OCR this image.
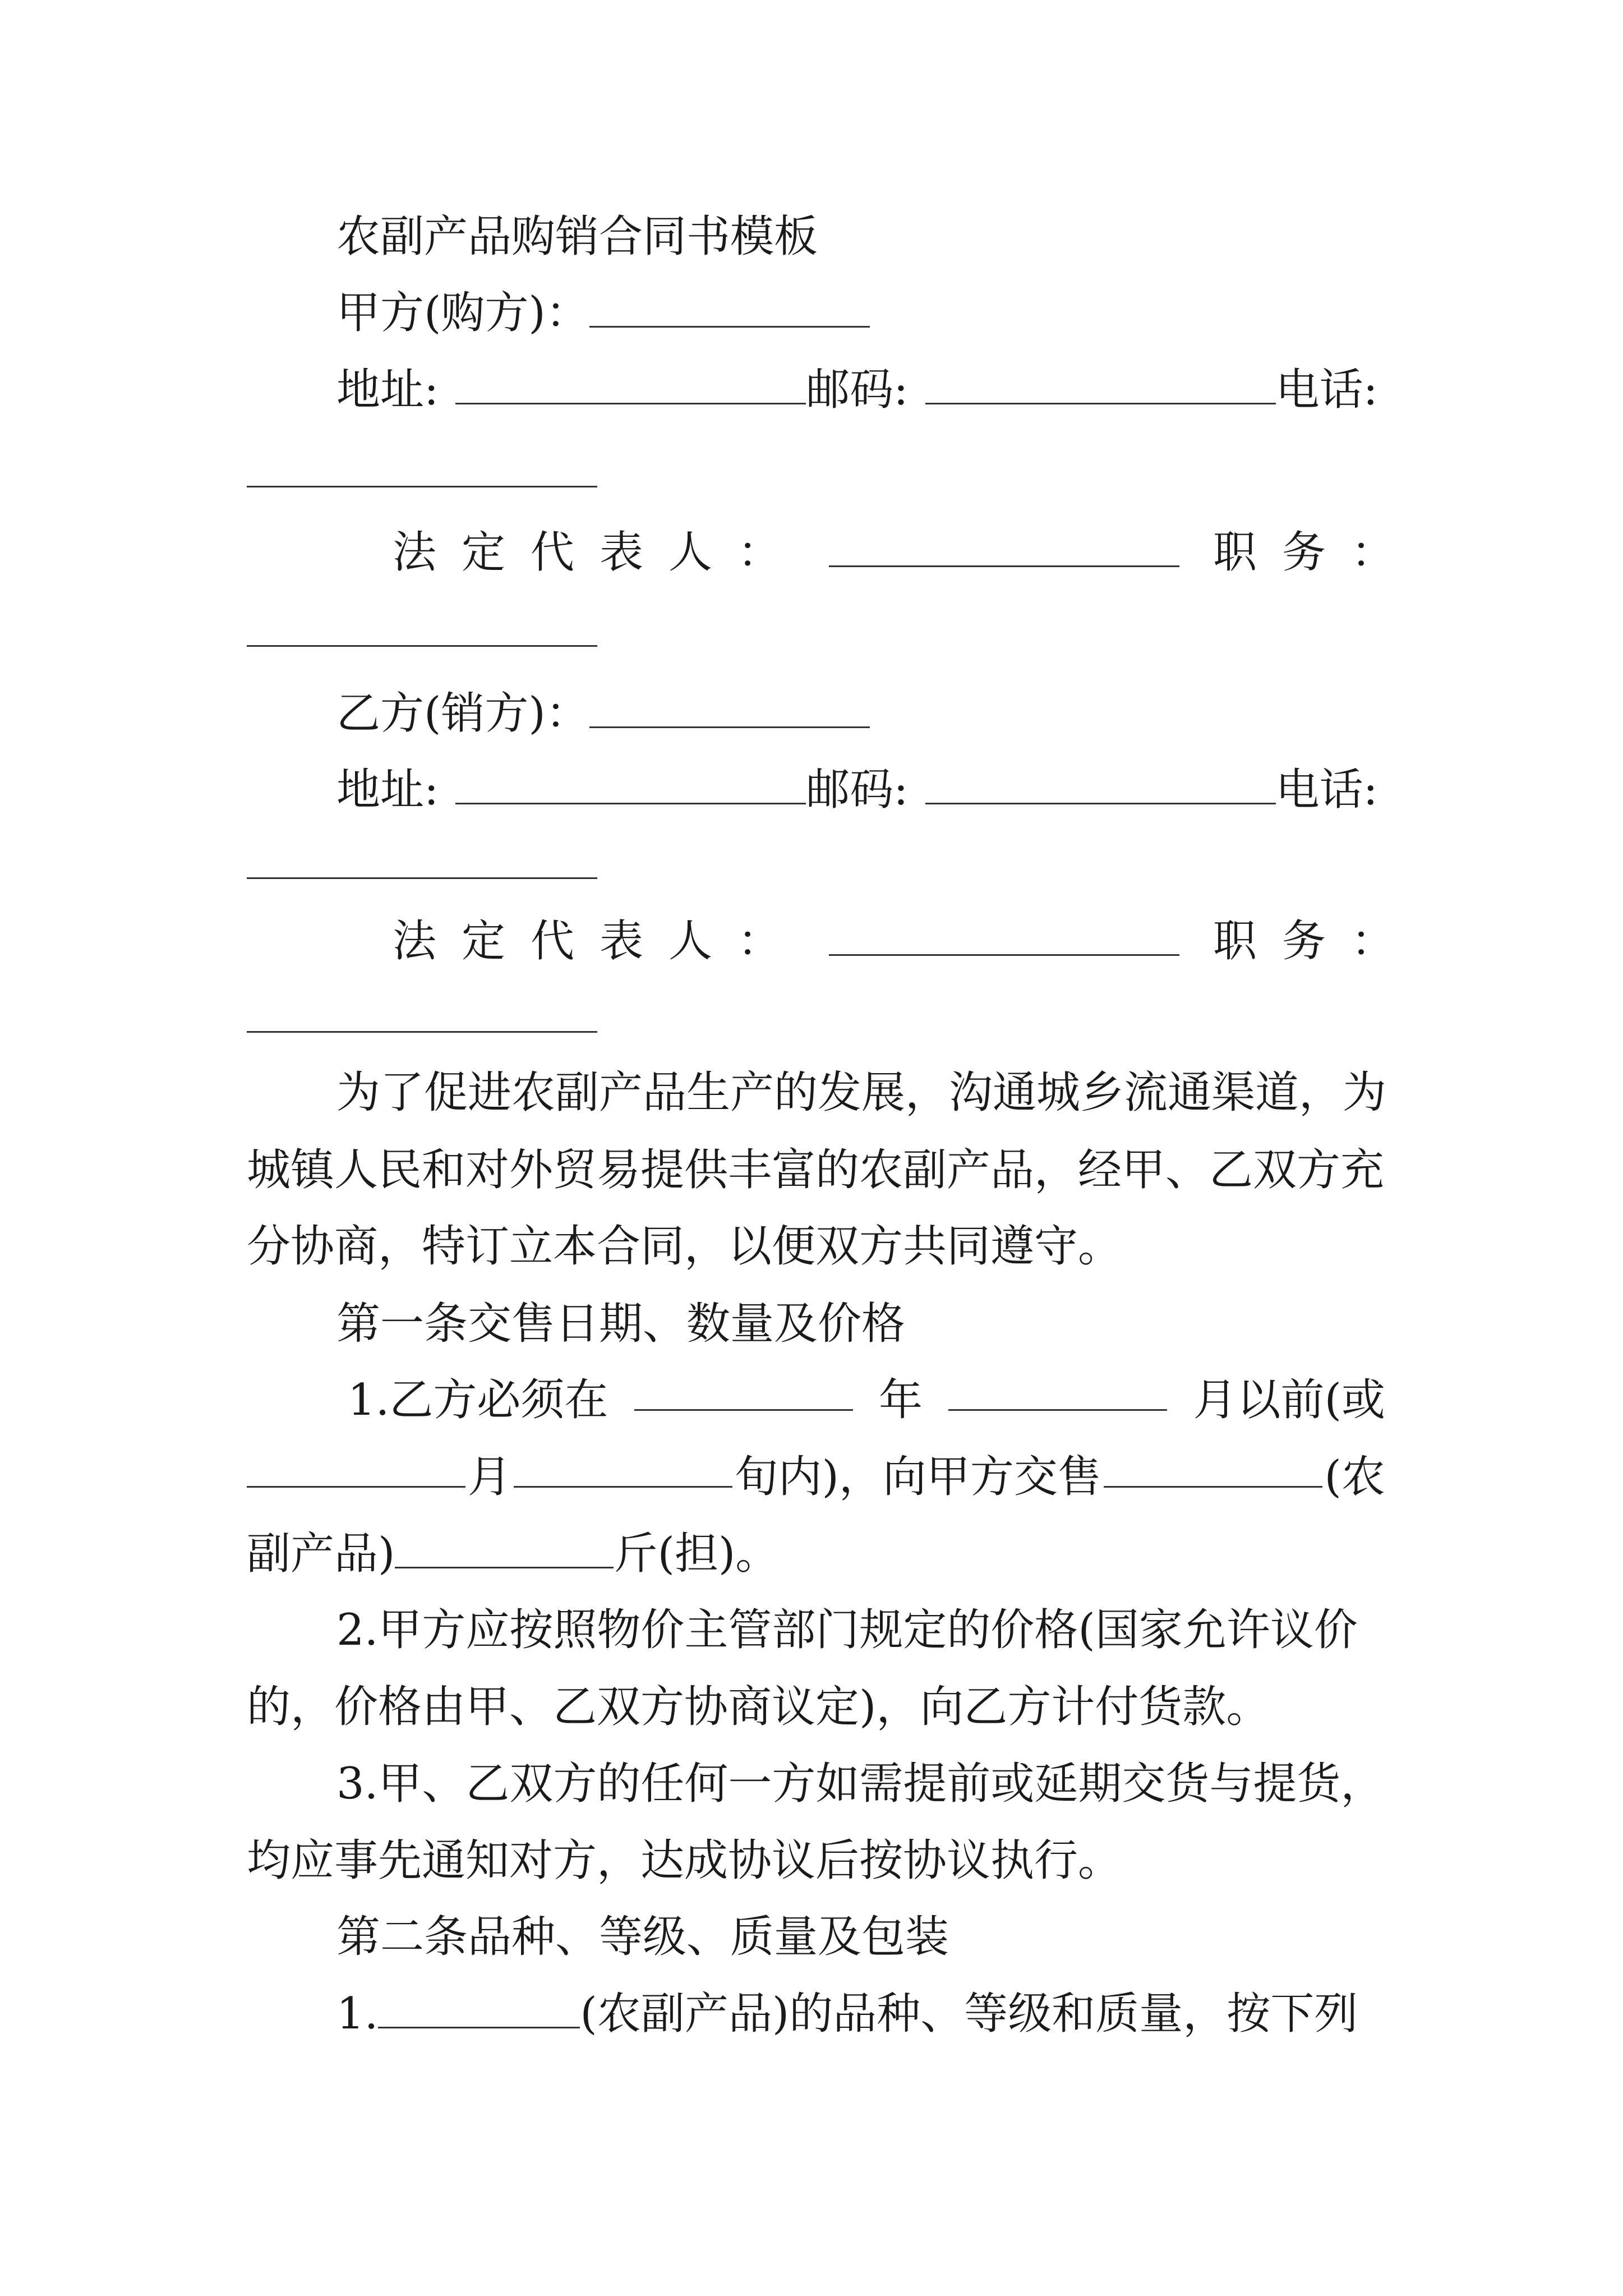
农副产品购销合同书模板
甲方(购方)：
地址:	邮码:	电话:
法定代表人：	职务：
乙方(销方)：
地址:	邮码:	电话:
法定代表人：	职务：
为了促进农副产品生产的发展，沟通城乡流通渠道，为
城镇人民和对外贸易提供丰富的农副产品，经甲、乙双方充
分协商，特订立本合同，以便双方共同遵守。
第一条交售日期、数量及价格
1.乙方必须在	年	月以前(或
月	旬内)，向甲方交售	(农
副产品)	斤(担)。
2.甲方应按照物价主管部门规定的价格(国家允许议价
的，价格由甲、乙双方协商议定)，向乙方计付货款。
3.甲、乙双方的任何一方如需提前或延期交货与提货，
均应事先通知对方，达成协议后按协议执行。
第二条品种、等级、质量及包装
1.	(农副产品)的品种、等级和质量，按下列
